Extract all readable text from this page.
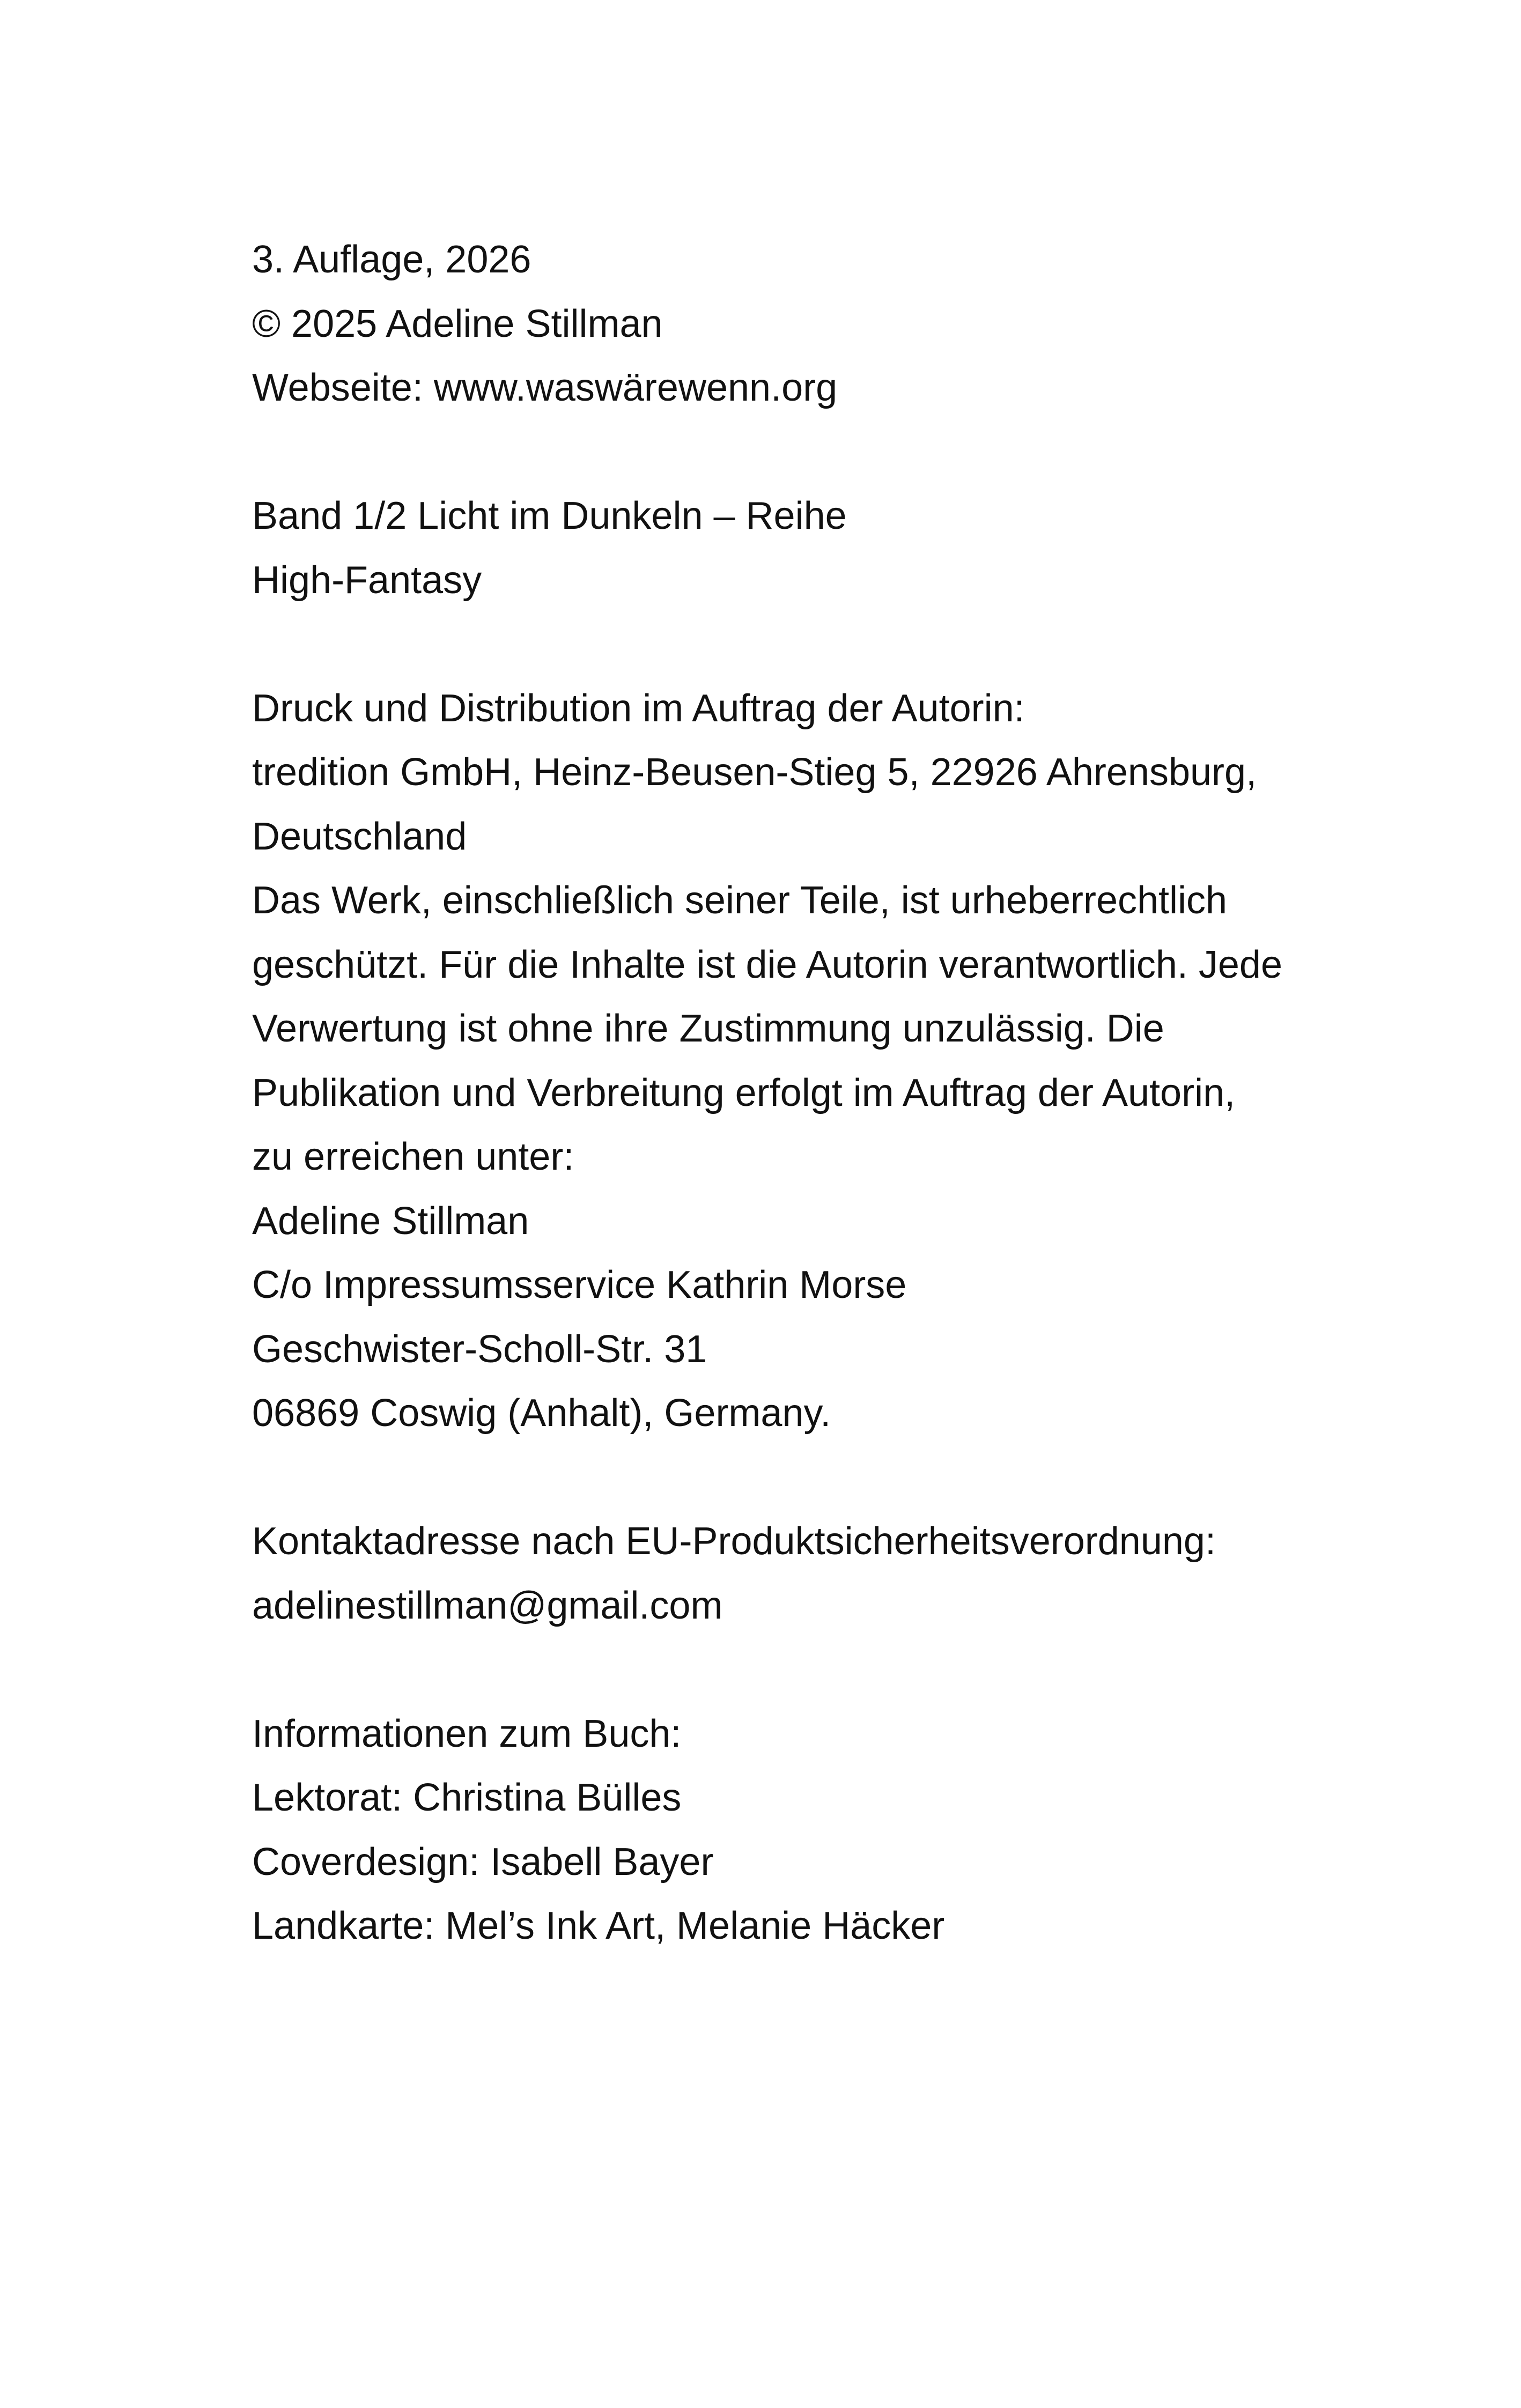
3. Auflage, 2026
© 2025 Adeline Stillman
Webseite: www.waswärewenn.org
Band 1/2 Licht im Dunkeln – Reihe
High-Fantasy
Druck und Distribution im Auftrag der Autorin:
tredition GmbH, Heinz-Beusen-Stieg 5, 22926 Ahrensburg,
Deutschland
Das Werk, einschließlich seiner Teile, ist urheberrechtlich
geschützt. Für die Inhalte ist die Autorin verantwortlich. Jede
Verwertung ist ohne ihre Zustimmung unzulässig. Die
Publikation und Verbreitung erfolgt im Auftrag der Autorin,
zu erreichen unter:
Adeline Stillman
C/o Impressumsservice Kathrin Morse
Geschwister-Scholl-Str. 31
06869 Coswig (Anhalt), Germany.
Kontaktadresse nach EU-Produktsicherheitsverordnung:
adelinestillman@gmail.com
Informationen zum Buch:
Lektorat: Christina Bülles
Coverdesign: Isabell Bayer
Landkarte: Mel’s Ink Art, Melanie Häcker
